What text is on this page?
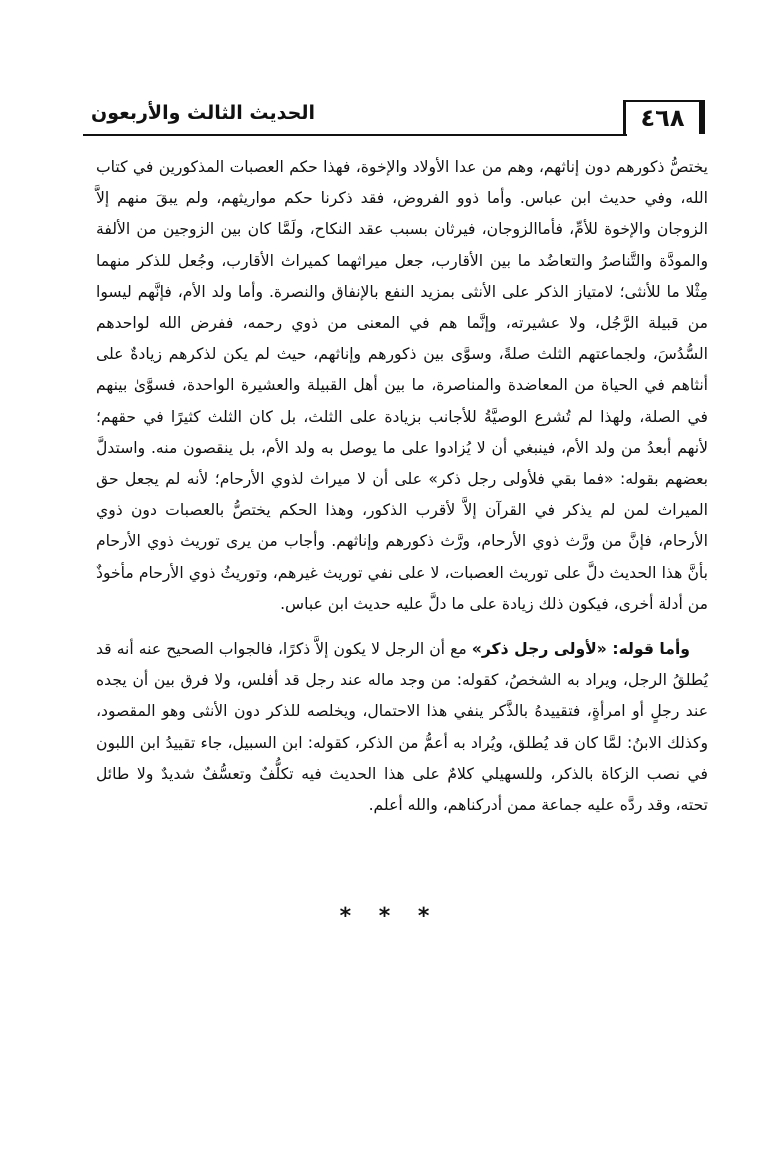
٤٦٨
الحديث الثالث والأربعون

يختصُّ ذكورهم دون إناثهم، وهم من عدا الأولاد والإخوة، فهذا حكم العصبات المذكورين في كتاب الله، وفي حديث ابن عباس. وأما ذوو الفروض، فقد ذكرنا حكم مواريثهم، ولم يبقَ منهم إلاَّ الزوجان والإخوة للأمِّ، فأماالزوجان، فيرثان بسبب عقد النكاح، ولَمَّا كان بين الزوجين من الألفة والمودَّة والتَّناصرُ والتعاضُد ما بين الأقارب، جعل ميراثهما كميراث الأقارب، وجُعل للذكر منهما مِثْلا ما للأنثى؛ لامتياز الذكر على الأنثى بمزيد النفع بالإنفاق والنصرة. وأما ولد الأم، فإنَّهم ليسوا من قبيلة الرَّجُل، ولا عشيرته، وإنَّما هم في المعنى من ذوي رحمه، ففرض الله لواحدهم السُّدُسَ، ولجماعتهم الثلث صلةً، وسوَّى بين ذكورهم وإناثهم، حيث لم يكن لذكرهم زيادةٌ على أنثاهم في الحياة من المعاضدة والمناصرة، ما بين أهل القبيلة والعشيرة الواحدة، فسوَّىٰ بينهم في الصلة، ولهذا لم تُشرع الوصيَّةُ للأجانب بزيادة على الثلث، بل كان الثلث كثيرًا في حقهم؛ لأنهم أبعدُ من ولد الأم، فينبغي أن لا يُزادوا على ما يوصل به ولد الأم، بل ينقصون منه. واستدلَّ بعضهم بقوله: «فما بقي فلأولى رجل ذكر» على أن لا ميراث لذوي الأرحام؛ لأنه لم يجعل حق الميراث لمن لم يذكر في القرآن إلاَّ لأقرب الذكور، وهذا الحكم يختصُّ بالعصبات دون ذوي الأرحام، فإنَّ من ورَّث ذوي الأرحام، ورَّث ذكورهم وإناثهم. وأجاب من يرى توريث ذوي الأرحام بأنَّ هذا الحديث دلَّ على توريث العصبات، لا على نفي توريث غيرهم، وتوريثُ ذوي الأرحام مأخوذٌ من أدلة أخرى، فيكون ذلك زيادة على ما دلَّ عليه حديث ابن عباس.

وأما قوله: «لأولى رجل ذكر» مع أن الرجل لا يكون إلاَّ ذكرًا، فالجواب الصحيح عنه أنه قد يُطلقُ الرجل، ويراد به الشخصُ، كقوله: من وجد ماله عند رجل قد أفلس، ولا فرق بين أن يجده عند رجلٍ أو امرأةٍ، فتقييدهُ بالذَّكر ينفي هذا الاحتمال، ويخلصه للذكر دون الأنثى وهو المقصود، وكذلك الابنُ: لمَّا كان قد يُطلق، ويُراد به أعمُّ من الذكر، كقوله: ابن السبيل، جاء تقييدُ ابن اللبون في نصب الزكاة بالذكر، وللسهيلي كلامٌ على هذا الحديث فيه تكلُّفٌ وتعسُّفٌ شديدٌ ولا طائل تحته، وقد ردَّه عليه جماعة ممن أدركناهم، والله أعلم.

* * *
